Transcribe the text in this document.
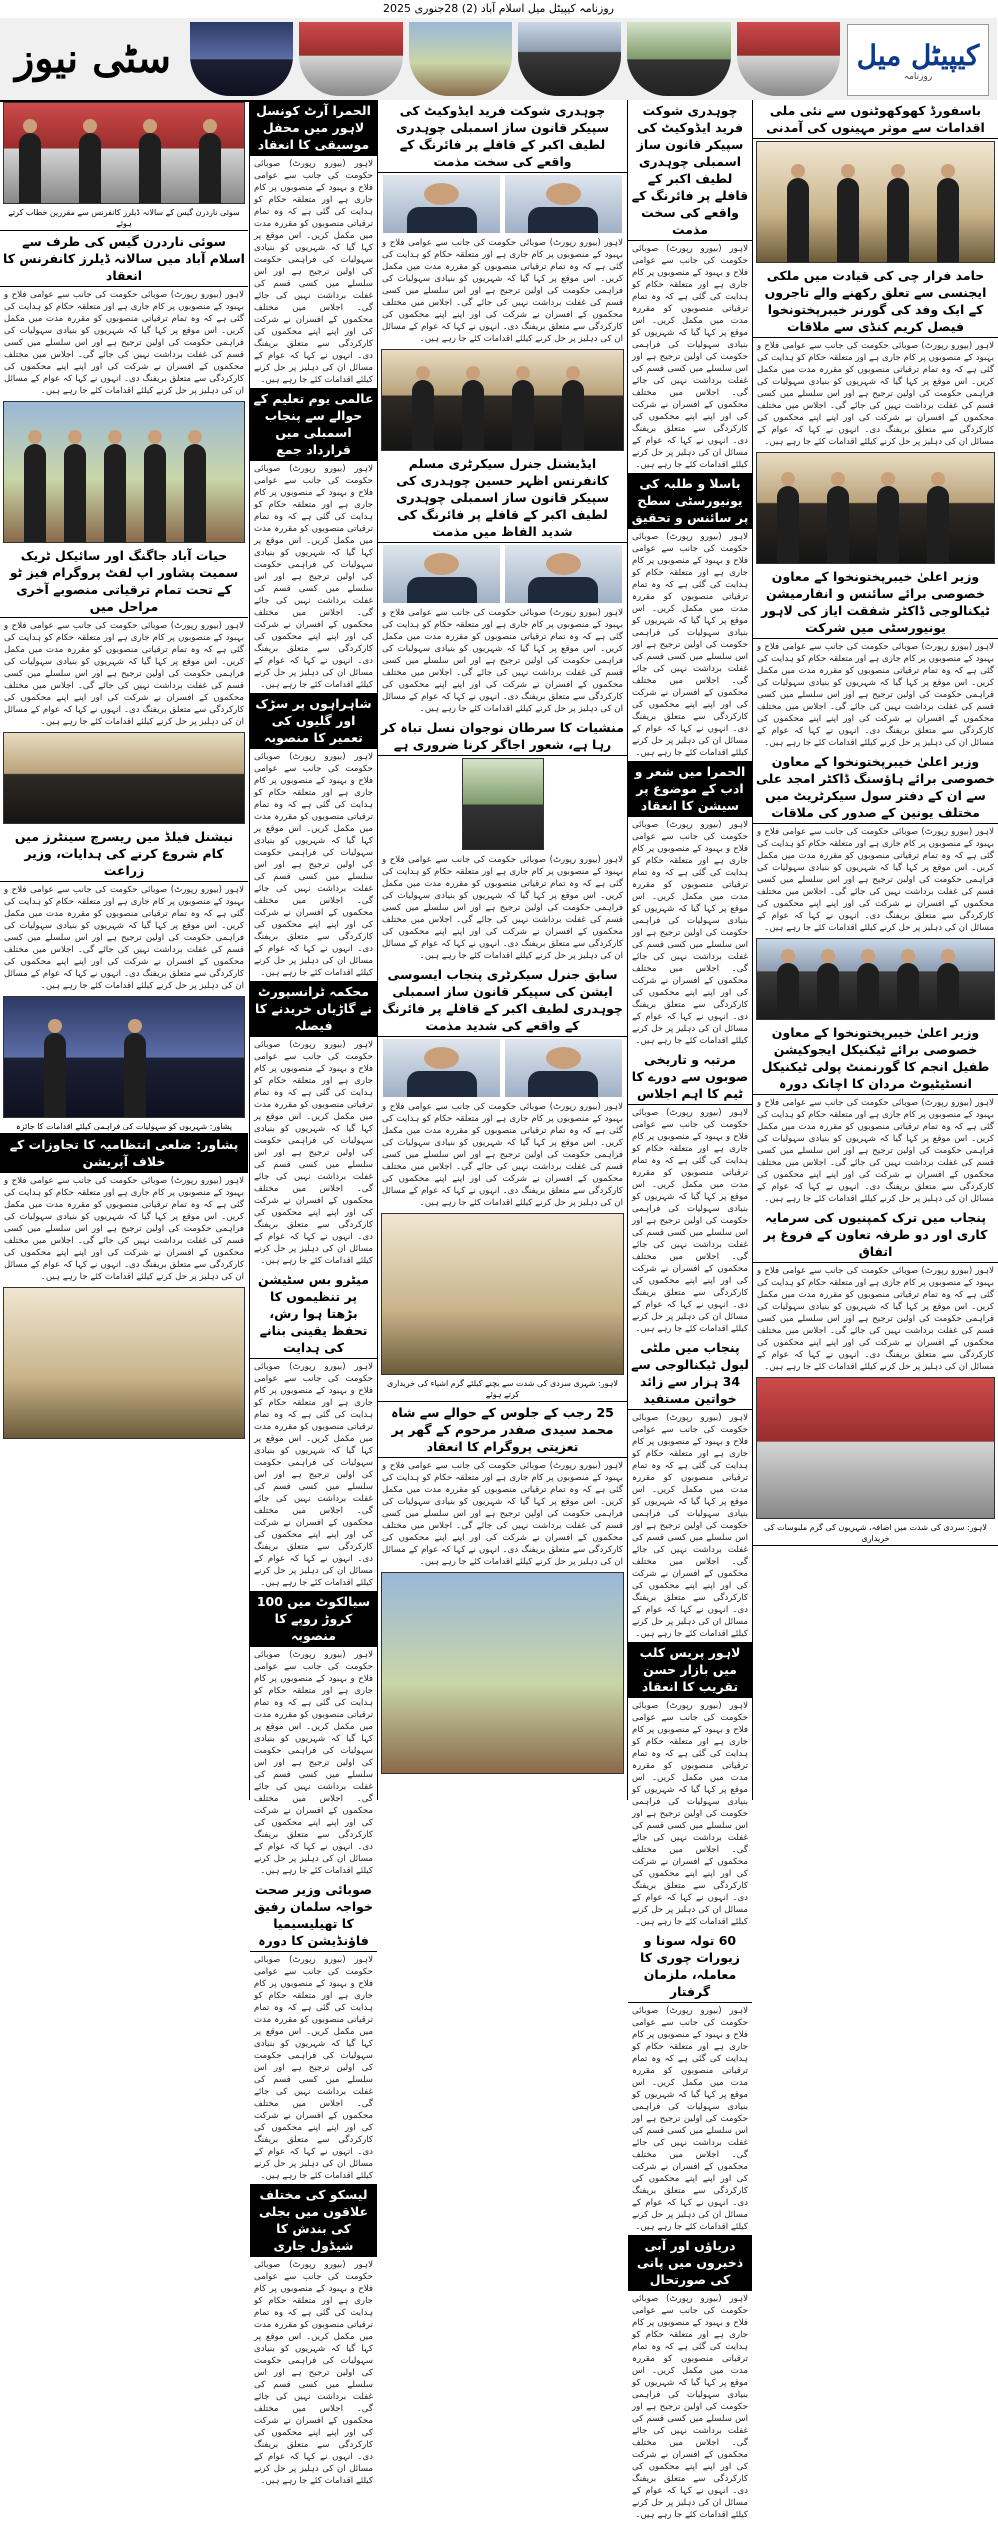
روزنامہ کیپیٹل میل اسلام آباد (2) 28جنوری 2025
سٹی نیوز	کیپیٹل میل
روزنامہ
باسفورڈ کھوکھوٹنوں سے نئی ملی اقدامات سے موثر مہینوں کی آمدنی
حامد فرار چی کی قیادت میں ملکی ایجنسی سے تعلق رکھنے والے تاجروں کے ایک وفد کی گورنر خیبرپختونخوا فیصل کریم کنڈی سے ملاقات
لاہور (بیورو رپورٹ) صوبائی حکومت کی جانب سے عوامی فلاح و بہبود کے منصوبوں پر کام جاری ہے اور متعلقہ حکام کو ہدایت کی گئی ہے کہ وہ تمام ترقیاتی منصوبوں کو مقررہ مدت میں مکمل کریں۔ اس موقع پر کہا گیا کہ شہریوں کو بنیادی سہولیات کی فراہمی حکومت کی اولین ترجیح ہے اور اس سلسلے میں کسی قسم کی غفلت برداشت نہیں کی جائے گی۔ اجلاس میں مختلف محکموں کے افسران نے شرکت کی اور اپنے اپنے محکموں کی کارکردگی سے متعلق بریفنگ دی۔ انہوں نے کہا کہ عوام کے مسائل ان کی دہلیز پر حل کرنے کیلئے اقدامات کئے جا رہے ہیں۔
وزیر اعلیٰ خیبرپختونخوا کے معاون خصوصی برائے سائنس و انفارمیشن ٹیکنالوجی ڈاکٹر شفقت ایاز کی لاہور یونیورسٹی میں شرکت
لاہور (بیورو رپورٹ) صوبائی حکومت کی جانب سے عوامی فلاح و بہبود کے منصوبوں پر کام جاری ہے اور متعلقہ حکام کو ہدایت کی گئی ہے کہ وہ تمام ترقیاتی منصوبوں کو مقررہ مدت میں مکمل کریں۔ اس موقع پر کہا گیا کہ شہریوں کو بنیادی سہولیات کی فراہمی حکومت کی اولین ترجیح ہے اور اس سلسلے میں کسی قسم کی غفلت برداشت نہیں کی جائے گی۔ اجلاس میں مختلف محکموں کے افسران نے شرکت کی اور اپنے اپنے محکموں کی کارکردگی سے متعلق بریفنگ دی۔ انہوں نے کہا کہ عوام کے مسائل ان کی دہلیز پر حل کرنے کیلئے اقدامات کئے جا رہے ہیں۔
وزیر اعلیٰ خیبرپختونخوا کے معاون خصوصی برائے ہاؤسنگ ڈاکٹر امجد علی سے ان کے دفتر سول سیکرٹریٹ میں مختلف یونین کے صدور کی ملاقات
لاہور (بیورو رپورٹ) صوبائی حکومت کی جانب سے عوامی فلاح و بہبود کے منصوبوں پر کام جاری ہے اور متعلقہ حکام کو ہدایت کی گئی ہے کہ وہ تمام ترقیاتی منصوبوں کو مقررہ مدت میں مکمل کریں۔ اس موقع پر کہا گیا کہ شہریوں کو بنیادی سہولیات کی فراہمی حکومت کی اولین ترجیح ہے اور اس سلسلے میں کسی قسم کی غفلت برداشت نہیں کی جائے گی۔ اجلاس میں مختلف محکموں کے افسران نے شرکت کی اور اپنے اپنے محکموں کی کارکردگی سے متعلق بریفنگ دی۔ انہوں نے کہا کہ عوام کے مسائل ان کی دہلیز پر حل کرنے کیلئے اقدامات کئے جا رہے ہیں۔
وزیر اعلیٰ خیبرپختونخوا کے معاون خصوصی برائے ٹیکنیکل ایجوکیشن طفیل انجم کا گورنمنٹ پولی ٹیکنیکل انسٹیٹیوٹ مردان کا اچانک دورہ
لاہور (بیورو رپورٹ) صوبائی حکومت کی جانب سے عوامی فلاح و بہبود کے منصوبوں پر کام جاری ہے اور متعلقہ حکام کو ہدایت کی گئی ہے کہ وہ تمام ترقیاتی منصوبوں کو مقررہ مدت میں مکمل کریں۔ اس موقع پر کہا گیا کہ شہریوں کو بنیادی سہولیات کی فراہمی حکومت کی اولین ترجیح ہے اور اس سلسلے میں کسی قسم کی غفلت برداشت نہیں کی جائے گی۔ اجلاس میں مختلف محکموں کے افسران نے شرکت کی اور اپنے اپنے محکموں کی کارکردگی سے متعلق بریفنگ دی۔ انہوں نے کہا کہ عوام کے مسائل ان کی دہلیز پر حل کرنے کیلئے اقدامات کئے جا رہے ہیں۔
پنجاب میں ترک کمپنیوں کی سرمایہ کاری اور دو طرفہ تعاون کے فروغ پر اتفاق
لاہور (بیورو رپورٹ) صوبائی حکومت کی جانب سے عوامی فلاح و بہبود کے منصوبوں پر کام جاری ہے اور متعلقہ حکام کو ہدایت کی گئی ہے کہ وہ تمام ترقیاتی منصوبوں کو مقررہ مدت میں مکمل کریں۔ اس موقع پر کہا گیا کہ شہریوں کو بنیادی سہولیات کی فراہمی حکومت کی اولین ترجیح ہے اور اس سلسلے میں کسی قسم کی غفلت برداشت نہیں کی جائے گی۔ اجلاس میں مختلف محکموں کے افسران نے شرکت کی اور اپنے اپنے محکموں کی کارکردگی سے متعلق بریفنگ دی۔ انہوں نے کہا کہ عوام کے مسائل ان کی دہلیز پر حل کرنے کیلئے اقدامات کئے جا رہے ہیں۔
لاہور: سردی کی شدت میں اضافہ، شہریوں کی گرم ملبوسات کی خریداری
چوہدری شوکت فرید ایڈوکیٹ کی سپیکر قانون ساز اسمبلی چوہدری لطیف اکبر کے قافلے پر فائرنگ کے واقعے کی سخت مذمت
لاہور (بیورو رپورٹ) صوبائی حکومت کی جانب سے عوامی فلاح و بہبود کے منصوبوں پر کام جاری ہے اور متعلقہ حکام کو ہدایت کی گئی ہے کہ وہ تمام ترقیاتی منصوبوں کو مقررہ مدت میں مکمل کریں۔ اس موقع پر کہا گیا کہ شہریوں کو بنیادی سہولیات کی فراہمی حکومت کی اولین ترجیح ہے اور اس سلسلے میں کسی قسم کی غفلت برداشت نہیں کی جائے گی۔ اجلاس میں مختلف محکموں کے افسران نے شرکت کی اور اپنے اپنے محکموں کی کارکردگی سے متعلق بریفنگ دی۔ انہوں نے کہا کہ عوام کے مسائل ان کی دہلیز پر حل کرنے کیلئے اقدامات کئے جا رہے ہیں۔
باسلا و طلبہ کی یونیورسٹی سطح پر سائنس و تحقیق
لاہور (بیورو رپورٹ) صوبائی حکومت کی جانب سے عوامی فلاح و بہبود کے منصوبوں پر کام جاری ہے اور متعلقہ حکام کو ہدایت کی گئی ہے کہ وہ تمام ترقیاتی منصوبوں کو مقررہ مدت میں مکمل کریں۔ اس موقع پر کہا گیا کہ شہریوں کو بنیادی سہولیات کی فراہمی حکومت کی اولین ترجیح ہے اور اس سلسلے میں کسی قسم کی غفلت برداشت نہیں کی جائے گی۔ اجلاس میں مختلف محکموں کے افسران نے شرکت کی اور اپنے اپنے محکموں کی کارکردگی سے متعلق بریفنگ دی۔ انہوں نے کہا کہ عوام کے مسائل ان کی دہلیز پر حل کرنے کیلئے اقدامات کئے جا رہے ہیں۔
الحمرا میں شعر و ادب کے موضوع پر سیشن کا انعقاد
لاہور (بیورو رپورٹ) صوبائی حکومت کی جانب سے عوامی فلاح و بہبود کے منصوبوں پر کام جاری ہے اور متعلقہ حکام کو ہدایت کی گئی ہے کہ وہ تمام ترقیاتی منصوبوں کو مقررہ مدت میں مکمل کریں۔ اس موقع پر کہا گیا کہ شہریوں کو بنیادی سہولیات کی فراہمی حکومت کی اولین ترجیح ہے اور اس سلسلے میں کسی قسم کی غفلت برداشت نہیں کی جائے گی۔ اجلاس میں مختلف محکموں کے افسران نے شرکت کی اور اپنے اپنے محکموں کی کارکردگی سے متعلق بریفنگ دی۔ انہوں نے کہا کہ عوام کے مسائل ان کی دہلیز پر حل کرنے کیلئے اقدامات کئے جا رہے ہیں۔
مرتبہ و تاریخی صوبوں سے دورے کا ٹیم کا اہم اجلاس
لاہور (بیورو رپورٹ) صوبائی حکومت کی جانب سے عوامی فلاح و بہبود کے منصوبوں پر کام جاری ہے اور متعلقہ حکام کو ہدایت کی گئی ہے کہ وہ تمام ترقیاتی منصوبوں کو مقررہ مدت میں مکمل کریں۔ اس موقع پر کہا گیا کہ شہریوں کو بنیادی سہولیات کی فراہمی حکومت کی اولین ترجیح ہے اور اس سلسلے میں کسی قسم کی غفلت برداشت نہیں کی جائے گی۔ اجلاس میں مختلف محکموں کے افسران نے شرکت کی اور اپنے اپنے محکموں کی کارکردگی سے متعلق بریفنگ دی۔ انہوں نے کہا کہ عوام کے مسائل ان کی دہلیز پر حل کرنے کیلئے اقدامات کئے جا رہے ہیں۔
پنجاب میں ملٹی لیول ٹیکنالوجی سے 34 ہزار سے زائد خواتین مستفید
لاہور (بیورو رپورٹ) صوبائی حکومت کی جانب سے عوامی فلاح و بہبود کے منصوبوں پر کام جاری ہے اور متعلقہ حکام کو ہدایت کی گئی ہے کہ وہ تمام ترقیاتی منصوبوں کو مقررہ مدت میں مکمل کریں۔ اس موقع پر کہا گیا کہ شہریوں کو بنیادی سہولیات کی فراہمی حکومت کی اولین ترجیح ہے اور اس سلسلے میں کسی قسم کی غفلت برداشت نہیں کی جائے گی۔ اجلاس میں مختلف محکموں کے افسران نے شرکت کی اور اپنے اپنے محکموں کی کارکردگی سے متعلق بریفنگ دی۔ انہوں نے کہا کہ عوام کے مسائل ان کی دہلیز پر حل کرنے کیلئے اقدامات کئے جا رہے ہیں۔
لاہور پریس کلب میں بازار حسن تقریب کا انعقاد
لاہور (بیورو رپورٹ) صوبائی حکومت کی جانب سے عوامی فلاح و بہبود کے منصوبوں پر کام جاری ہے اور متعلقہ حکام کو ہدایت کی گئی ہے کہ وہ تمام ترقیاتی منصوبوں کو مقررہ مدت میں مکمل کریں۔ اس موقع پر کہا گیا کہ شہریوں کو بنیادی سہولیات کی فراہمی حکومت کی اولین ترجیح ہے اور اس سلسلے میں کسی قسم کی غفلت برداشت نہیں کی جائے گی۔ اجلاس میں مختلف محکموں کے افسران نے شرکت کی اور اپنے اپنے محکموں کی کارکردگی سے متعلق بریفنگ دی۔ انہوں نے کہا کہ عوام کے مسائل ان کی دہلیز پر حل کرنے کیلئے اقدامات کئے جا رہے ہیں۔
60 تولہ سونا و زیورات چوری کا معاملہ، ملزمان گرفتار
لاہور (بیورو رپورٹ) صوبائی حکومت کی جانب سے عوامی فلاح و بہبود کے منصوبوں پر کام جاری ہے اور متعلقہ حکام کو ہدایت کی گئی ہے کہ وہ تمام ترقیاتی منصوبوں کو مقررہ مدت میں مکمل کریں۔ اس موقع پر کہا گیا کہ شہریوں کو بنیادی سہولیات کی فراہمی حکومت کی اولین ترجیح ہے اور اس سلسلے میں کسی قسم کی غفلت برداشت نہیں کی جائے گی۔ اجلاس میں مختلف محکموں کے افسران نے شرکت کی اور اپنے اپنے محکموں کی کارکردگی سے متعلق بریفنگ دی۔ انہوں نے کہا کہ عوام کے مسائل ان کی دہلیز پر حل کرنے کیلئے اقدامات کئے جا رہے ہیں۔
دریاؤں اور آبی ذخیروں میں پانی کی صورتحال
لاہور (بیورو رپورٹ) صوبائی حکومت کی جانب سے عوامی فلاح و بہبود کے منصوبوں پر کام جاری ہے اور متعلقہ حکام کو ہدایت کی گئی ہے کہ وہ تمام ترقیاتی منصوبوں کو مقررہ مدت میں مکمل کریں۔ اس موقع پر کہا گیا کہ شہریوں کو بنیادی سہولیات کی فراہمی حکومت کی اولین ترجیح ہے اور اس سلسلے میں کسی قسم کی غفلت برداشت نہیں کی جائے گی۔ اجلاس میں مختلف محکموں کے افسران نے شرکت کی اور اپنے اپنے محکموں کی کارکردگی سے متعلق بریفنگ دی۔ انہوں نے کہا کہ عوام کے مسائل ان کی دہلیز پر حل کرنے کیلئے اقدامات کئے جا رہے ہیں۔
چوہدری شوکت فرید ایڈوکیٹ کی سپیکر قانون ساز اسمبلی چوہدری لطیف اکبر کے قافلے پر فائرنگ کے واقعے کی سخت مذمت
لاہور (بیورو رپورٹ) صوبائی حکومت کی جانب سے عوامی فلاح و بہبود کے منصوبوں پر کام جاری ہے اور متعلقہ حکام کو ہدایت کی گئی ہے کہ وہ تمام ترقیاتی منصوبوں کو مقررہ مدت میں مکمل کریں۔ اس موقع پر کہا گیا کہ شہریوں کو بنیادی سہولیات کی فراہمی حکومت کی اولین ترجیح ہے اور اس سلسلے میں کسی قسم کی غفلت برداشت نہیں کی جائے گی۔ اجلاس میں مختلف محکموں کے افسران نے شرکت کی اور اپنے اپنے محکموں کی کارکردگی سے متعلق بریفنگ دی۔ انہوں نے کہا کہ عوام کے مسائل ان کی دہلیز پر حل کرنے کیلئے اقدامات کئے جا رہے ہیں۔
ایڈیشنل جنرل سیکرٹری مسلم کانفرنس اظہر حسین چوہدری کی سپیکر قانون ساز اسمبلی چوہدری لطیف اکبر کے قافلے پر فائرنگ کی شدید الفاظ میں مذمت
لاہور (بیورو رپورٹ) صوبائی حکومت کی جانب سے عوامی فلاح و بہبود کے منصوبوں پر کام جاری ہے اور متعلقہ حکام کو ہدایت کی گئی ہے کہ وہ تمام ترقیاتی منصوبوں کو مقررہ مدت میں مکمل کریں۔ اس موقع پر کہا گیا کہ شہریوں کو بنیادی سہولیات کی فراہمی حکومت کی اولین ترجیح ہے اور اس سلسلے میں کسی قسم کی غفلت برداشت نہیں کی جائے گی۔ اجلاس میں مختلف محکموں کے افسران نے شرکت کی اور اپنے اپنے محکموں کی کارکردگی سے متعلق بریفنگ دی۔ انہوں نے کہا کہ عوام کے مسائل ان کی دہلیز پر حل کرنے کیلئے اقدامات کئے جا رہے ہیں۔
منشیات کا سرطان نوجوان نسل تباہ کر رہا ہے، شعور اجاگر کرنا ضروری ہے
لاہور (بیورو رپورٹ) صوبائی حکومت کی جانب سے عوامی فلاح و بہبود کے منصوبوں پر کام جاری ہے اور متعلقہ حکام کو ہدایت کی گئی ہے کہ وہ تمام ترقیاتی منصوبوں کو مقررہ مدت میں مکمل کریں۔ اس موقع پر کہا گیا کہ شہریوں کو بنیادی سہولیات کی فراہمی حکومت کی اولین ترجیح ہے اور اس سلسلے میں کسی قسم کی غفلت برداشت نہیں کی جائے گی۔ اجلاس میں مختلف محکموں کے افسران نے شرکت کی اور اپنے اپنے محکموں کی کارکردگی سے متعلق بریفنگ دی۔ انہوں نے کہا کہ عوام کے مسائل ان کی دہلیز پر حل کرنے کیلئے اقدامات کئے جا رہے ہیں۔
سابق جنرل سیکرٹری پنجاب ایسوسی ایشن کی سپیکر قانون ساز اسمبلی چوہدری لطیف اکبر کے قافلے پر فائرنگ کے واقعے کی شدید مذمت
لاہور (بیورو رپورٹ) صوبائی حکومت کی جانب سے عوامی فلاح و بہبود کے منصوبوں پر کام جاری ہے اور متعلقہ حکام کو ہدایت کی گئی ہے کہ وہ تمام ترقیاتی منصوبوں کو مقررہ مدت میں مکمل کریں۔ اس موقع پر کہا گیا کہ شہریوں کو بنیادی سہولیات کی فراہمی حکومت کی اولین ترجیح ہے اور اس سلسلے میں کسی قسم کی غفلت برداشت نہیں کی جائے گی۔ اجلاس میں مختلف محکموں کے افسران نے شرکت کی اور اپنے اپنے محکموں کی کارکردگی سے متعلق بریفنگ دی۔ انہوں نے کہا کہ عوام کے مسائل ان کی دہلیز پر حل کرنے کیلئے اقدامات کئے جا رہے ہیں۔
لاہور: شہری سردی کی شدت سے بچنے کیلئے گرم اشیاء کی خریداری کرتے ہوئے
25 رجب کے جلوس کے حوالے سے شاہ محمد سیدی صفدر مرحوم کے گھر پر تعزیتی پروگرام کا انعقاد
لاہور (بیورو رپورٹ) صوبائی حکومت کی جانب سے عوامی فلاح و بہبود کے منصوبوں پر کام جاری ہے اور متعلقہ حکام کو ہدایت کی گئی ہے کہ وہ تمام ترقیاتی منصوبوں کو مقررہ مدت میں مکمل کریں۔ اس موقع پر کہا گیا کہ شہریوں کو بنیادی سہولیات کی فراہمی حکومت کی اولین ترجیح ہے اور اس سلسلے میں کسی قسم کی غفلت برداشت نہیں کی جائے گی۔ اجلاس میں مختلف محکموں کے افسران نے شرکت کی اور اپنے اپنے محکموں کی کارکردگی سے متعلق بریفنگ دی۔ انہوں نے کہا کہ عوام کے مسائل ان کی دہلیز پر حل کرنے کیلئے اقدامات کئے جا رہے ہیں۔
الحمرا آرٹ کونسل لاہور میں محفل موسیقی کا انعقاد
لاہور (بیورو رپورٹ) صوبائی حکومت کی جانب سے عوامی فلاح و بہبود کے منصوبوں پر کام جاری ہے اور متعلقہ حکام کو ہدایت کی گئی ہے کہ وہ تمام ترقیاتی منصوبوں کو مقررہ مدت میں مکمل کریں۔ اس موقع پر کہا گیا کہ شہریوں کو بنیادی سہولیات کی فراہمی حکومت کی اولین ترجیح ہے اور اس سلسلے میں کسی قسم کی غفلت برداشت نہیں کی جائے گی۔ اجلاس میں مختلف محکموں کے افسران نے شرکت کی اور اپنے اپنے محکموں کی کارکردگی سے متعلق بریفنگ دی۔ انہوں نے کہا کہ عوام کے مسائل ان کی دہلیز پر حل کرنے کیلئے اقدامات کئے جا رہے ہیں۔
عالمی یوم تعلیم کے حوالے سے پنجاب اسمبلی میں قرارداد جمع
لاہور (بیورو رپورٹ) صوبائی حکومت کی جانب سے عوامی فلاح و بہبود کے منصوبوں پر کام جاری ہے اور متعلقہ حکام کو ہدایت کی گئی ہے کہ وہ تمام ترقیاتی منصوبوں کو مقررہ مدت میں مکمل کریں۔ اس موقع پر کہا گیا کہ شہریوں کو بنیادی سہولیات کی فراہمی حکومت کی اولین ترجیح ہے اور اس سلسلے میں کسی قسم کی غفلت برداشت نہیں کی جائے گی۔ اجلاس میں مختلف محکموں کے افسران نے شرکت کی اور اپنے اپنے محکموں کی کارکردگی سے متعلق بریفنگ دی۔ انہوں نے کہا کہ عوام کے مسائل ان کی دہلیز پر حل کرنے کیلئے اقدامات کئے جا رہے ہیں۔
شاہراہوں پر سڑک اور گلیوں کی تعمیر کا منصوبہ
لاہور (بیورو رپورٹ) صوبائی حکومت کی جانب سے عوامی فلاح و بہبود کے منصوبوں پر کام جاری ہے اور متعلقہ حکام کو ہدایت کی گئی ہے کہ وہ تمام ترقیاتی منصوبوں کو مقررہ مدت میں مکمل کریں۔ اس موقع پر کہا گیا کہ شہریوں کو بنیادی سہولیات کی فراہمی حکومت کی اولین ترجیح ہے اور اس سلسلے میں کسی قسم کی غفلت برداشت نہیں کی جائے گی۔ اجلاس میں مختلف محکموں کے افسران نے شرکت کی اور اپنے اپنے محکموں کی کارکردگی سے متعلق بریفنگ دی۔ انہوں نے کہا کہ عوام کے مسائل ان کی دہلیز پر حل کرنے کیلئے اقدامات کئے جا رہے ہیں۔
محکمہ ٹرانسپورٹ نے گاڑیاں خریدنے کا فیصلہ
لاہور (بیورو رپورٹ) صوبائی حکومت کی جانب سے عوامی فلاح و بہبود کے منصوبوں پر کام جاری ہے اور متعلقہ حکام کو ہدایت کی گئی ہے کہ وہ تمام ترقیاتی منصوبوں کو مقررہ مدت میں مکمل کریں۔ اس موقع پر کہا گیا کہ شہریوں کو بنیادی سہولیات کی فراہمی حکومت کی اولین ترجیح ہے اور اس سلسلے میں کسی قسم کی غفلت برداشت نہیں کی جائے گی۔ اجلاس میں مختلف محکموں کے افسران نے شرکت کی اور اپنے اپنے محکموں کی کارکردگی سے متعلق بریفنگ دی۔ انہوں نے کہا کہ عوام کے مسائل ان کی دہلیز پر حل کرنے کیلئے اقدامات کئے جا رہے ہیں۔
میٹرو بس سٹیشن پر تنظیموں کا بڑھتا ہوا رش، تحفظ یقینی بنانے کی ہدایت
لاہور (بیورو رپورٹ) صوبائی حکومت کی جانب سے عوامی فلاح و بہبود کے منصوبوں پر کام جاری ہے اور متعلقہ حکام کو ہدایت کی گئی ہے کہ وہ تمام ترقیاتی منصوبوں کو مقررہ مدت میں مکمل کریں۔ اس موقع پر کہا گیا کہ شہریوں کو بنیادی سہولیات کی فراہمی حکومت کی اولین ترجیح ہے اور اس سلسلے میں کسی قسم کی غفلت برداشت نہیں کی جائے گی۔ اجلاس میں مختلف محکموں کے افسران نے شرکت کی اور اپنے اپنے محکموں کی کارکردگی سے متعلق بریفنگ دی۔ انہوں نے کہا کہ عوام کے مسائل ان کی دہلیز پر حل کرنے کیلئے اقدامات کئے جا رہے ہیں۔
سیالکوٹ میں 100 کروڑ روپے کا منصوبہ
لاہور (بیورو رپورٹ) صوبائی حکومت کی جانب سے عوامی فلاح و بہبود کے منصوبوں پر کام جاری ہے اور متعلقہ حکام کو ہدایت کی گئی ہے کہ وہ تمام ترقیاتی منصوبوں کو مقررہ مدت میں مکمل کریں۔ اس موقع پر کہا گیا کہ شہریوں کو بنیادی سہولیات کی فراہمی حکومت کی اولین ترجیح ہے اور اس سلسلے میں کسی قسم کی غفلت برداشت نہیں کی جائے گی۔ اجلاس میں مختلف محکموں کے افسران نے شرکت کی اور اپنے اپنے محکموں کی کارکردگی سے متعلق بریفنگ دی۔ انہوں نے کہا کہ عوام کے مسائل ان کی دہلیز پر حل کرنے کیلئے اقدامات کئے جا رہے ہیں۔
صوبائی وزیر صحت خواجہ سلمان رفیق کا تھیلیسیمیا فاؤنڈیشن کا دورہ
لاہور (بیورو رپورٹ) صوبائی حکومت کی جانب سے عوامی فلاح و بہبود کے منصوبوں پر کام جاری ہے اور متعلقہ حکام کو ہدایت کی گئی ہے کہ وہ تمام ترقیاتی منصوبوں کو مقررہ مدت میں مکمل کریں۔ اس موقع پر کہا گیا کہ شہریوں کو بنیادی سہولیات کی فراہمی حکومت کی اولین ترجیح ہے اور اس سلسلے میں کسی قسم کی غفلت برداشت نہیں کی جائے گی۔ اجلاس میں مختلف محکموں کے افسران نے شرکت کی اور اپنے اپنے محکموں کی کارکردگی سے متعلق بریفنگ دی۔ انہوں نے کہا کہ عوام کے مسائل ان کی دہلیز پر حل کرنے کیلئے اقدامات کئے جا رہے ہیں۔
لیسکو کی مختلف علاقوں میں بجلی کی بندش کا شیڈول جاری
لاہور (بیورو رپورٹ) صوبائی حکومت کی جانب سے عوامی فلاح و بہبود کے منصوبوں پر کام جاری ہے اور متعلقہ حکام کو ہدایت کی گئی ہے کہ وہ تمام ترقیاتی منصوبوں کو مقررہ مدت میں مکمل کریں۔ اس موقع پر کہا گیا کہ شہریوں کو بنیادی سہولیات کی فراہمی حکومت کی اولین ترجیح ہے اور اس سلسلے میں کسی قسم کی غفلت برداشت نہیں کی جائے گی۔ اجلاس میں مختلف محکموں کے افسران نے شرکت کی اور اپنے اپنے محکموں کی کارکردگی سے متعلق بریفنگ دی۔ انہوں نے کہا کہ عوام کے مسائل ان کی دہلیز پر حل کرنے کیلئے اقدامات کئے جا رہے ہیں۔
سوئی ناردرن گیس کے سالانہ ڈیلرز کانفرنس سے مقررین خطاب کرتے ہوئے
سوئی ناردرن گیس کی طرف سے اسلام آباد میں سالانہ ڈیلرز کانفرنس کا انعقاد
لاہور (بیورو رپورٹ) صوبائی حکومت کی جانب سے عوامی فلاح و بہبود کے منصوبوں پر کام جاری ہے اور متعلقہ حکام کو ہدایت کی گئی ہے کہ وہ تمام ترقیاتی منصوبوں کو مقررہ مدت میں مکمل کریں۔ اس موقع پر کہا گیا کہ شہریوں کو بنیادی سہولیات کی فراہمی حکومت کی اولین ترجیح ہے اور اس سلسلے میں کسی قسم کی غفلت برداشت نہیں کی جائے گی۔ اجلاس میں مختلف محکموں کے افسران نے شرکت کی اور اپنے اپنے محکموں کی کارکردگی سے متعلق بریفنگ دی۔ انہوں نے کہا کہ عوام کے مسائل ان کی دہلیز پر حل کرنے کیلئے اقدامات کئے جا رہے ہیں۔
حیات آباد جاگنگ اور سائیکل ٹریک سمیت پشاور اپ لفٹ پروگرام فیز ٹو کے تحت تمام ترقیاتی منصوبے آخری مراحل میں
لاہور (بیورو رپورٹ) صوبائی حکومت کی جانب سے عوامی فلاح و بہبود کے منصوبوں پر کام جاری ہے اور متعلقہ حکام کو ہدایت کی گئی ہے کہ وہ تمام ترقیاتی منصوبوں کو مقررہ مدت میں مکمل کریں۔ اس موقع پر کہا گیا کہ شہریوں کو بنیادی سہولیات کی فراہمی حکومت کی اولین ترجیح ہے اور اس سلسلے میں کسی قسم کی غفلت برداشت نہیں کی جائے گی۔ اجلاس میں مختلف محکموں کے افسران نے شرکت کی اور اپنے اپنے محکموں کی کارکردگی سے متعلق بریفنگ دی۔ انہوں نے کہا کہ عوام کے مسائل ان کی دہلیز پر حل کرنے کیلئے اقدامات کئے جا رہے ہیں۔
نیشنل فیلڈ میں ریسرچ سینٹرز میں کام شروع کرنے کی ہدایات، وزیر زراعت
لاہور (بیورو رپورٹ) صوبائی حکومت کی جانب سے عوامی فلاح و بہبود کے منصوبوں پر کام جاری ہے اور متعلقہ حکام کو ہدایت کی گئی ہے کہ وہ تمام ترقیاتی منصوبوں کو مقررہ مدت میں مکمل کریں۔ اس موقع پر کہا گیا کہ شہریوں کو بنیادی سہولیات کی فراہمی حکومت کی اولین ترجیح ہے اور اس سلسلے میں کسی قسم کی غفلت برداشت نہیں کی جائے گی۔ اجلاس میں مختلف محکموں کے افسران نے شرکت کی اور اپنے اپنے محکموں کی کارکردگی سے متعلق بریفنگ دی۔ انہوں نے کہا کہ عوام کے مسائل ان کی دہلیز پر حل کرنے کیلئے اقدامات کئے جا رہے ہیں۔
پشاور: شہریوں کو سہولیات کی فراہمی کیلئے اقدامات کا جائزہ
پشاور: ضلعی انتظامیہ کا تجاوزات کے خلاف آپریشن
لاہور (بیورو رپورٹ) صوبائی حکومت کی جانب سے عوامی فلاح و بہبود کے منصوبوں پر کام جاری ہے اور متعلقہ حکام کو ہدایت کی گئی ہے کہ وہ تمام ترقیاتی منصوبوں کو مقررہ مدت میں مکمل کریں۔ اس موقع پر کہا گیا کہ شہریوں کو بنیادی سہولیات کی فراہمی حکومت کی اولین ترجیح ہے اور اس سلسلے میں کسی قسم کی غفلت برداشت نہیں کی جائے گی۔ اجلاس میں مختلف محکموں کے افسران نے شرکت کی اور اپنے اپنے محکموں کی کارکردگی سے متعلق بریفنگ دی۔ انہوں نے کہا کہ عوام کے مسائل ان کی دہلیز پر حل کرنے کیلئے اقدامات کئے جا رہے ہیں۔
